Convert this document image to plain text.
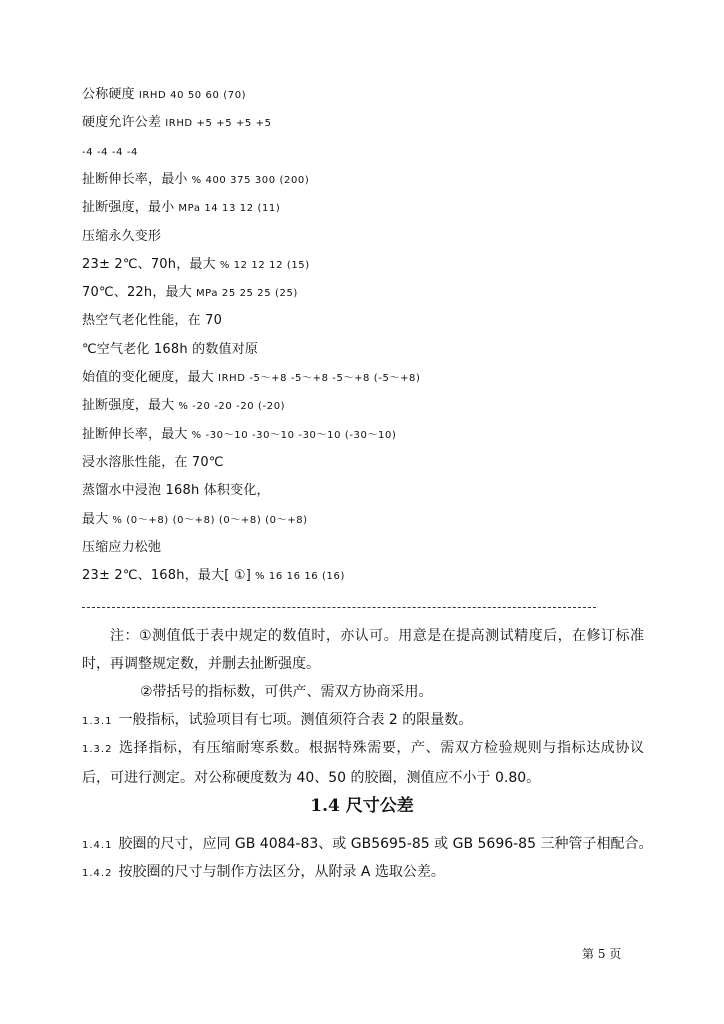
公称硬度 IRHD 40 50 60 (70)
硬度允许公差 IRHD +5 +5 +5 +5
-4 -4 -4 -4
扯断伸长率，最小 % 400 375 300 (200)
扯断强度，最小 MPa 14 13 12 (11)
压缩永久变形
23± 2℃、70h，最大 % 12 12 12 (15)
70℃、22h，最大 MPa 25 25 25 (25)
热空气老化性能，在 70
℃空气老化 168h 的数值对原
始值的变化硬度，最大 IRHD -5～+8 -5～+8 -5～+8 (-5～+8)
扯断强度，最大 % -20 -20 -20 (-20)
扯断伸长率，最大 % -30～10 -30～10 -30～10 (-30～10)
浸水溶胀性能，在 70℃
蒸馏水中浸泡 168h 体积变化，
最大 % (0～+8) (0～+8) (0～+8) (0～+8)
压缩应力松弛
23± 2℃、168h，最大[ ①] % 16 16 16 (16)
注：①测值低于表中规定的数值时，亦认可。用意是在提高测试精度后，在修订标准时，再调整规定数，并删去扯断强度。
②带括号的指标数，可供产、需双方协商采用。
1.3.1 一般指标，试验项目有七项。测值须符合表 2 的限量数。
1.3.2 选择指标，有压缩耐寒系数。根据特殊需要，产、需双方检验规则与指标达成协议后，可进行测定。对公称硬度数为 40、50 的胶圈，测值应不小于 0.80。
1.4 尺寸公差
1.4.1 胶圈的尺寸，应同 GB 4084-83、或 GB5695-85 或 GB 5696-85 三种管子相配合。
1.4.2 按胶圈的尺寸与制作方法区分，从附录 A 选取公差。
第 5 页
